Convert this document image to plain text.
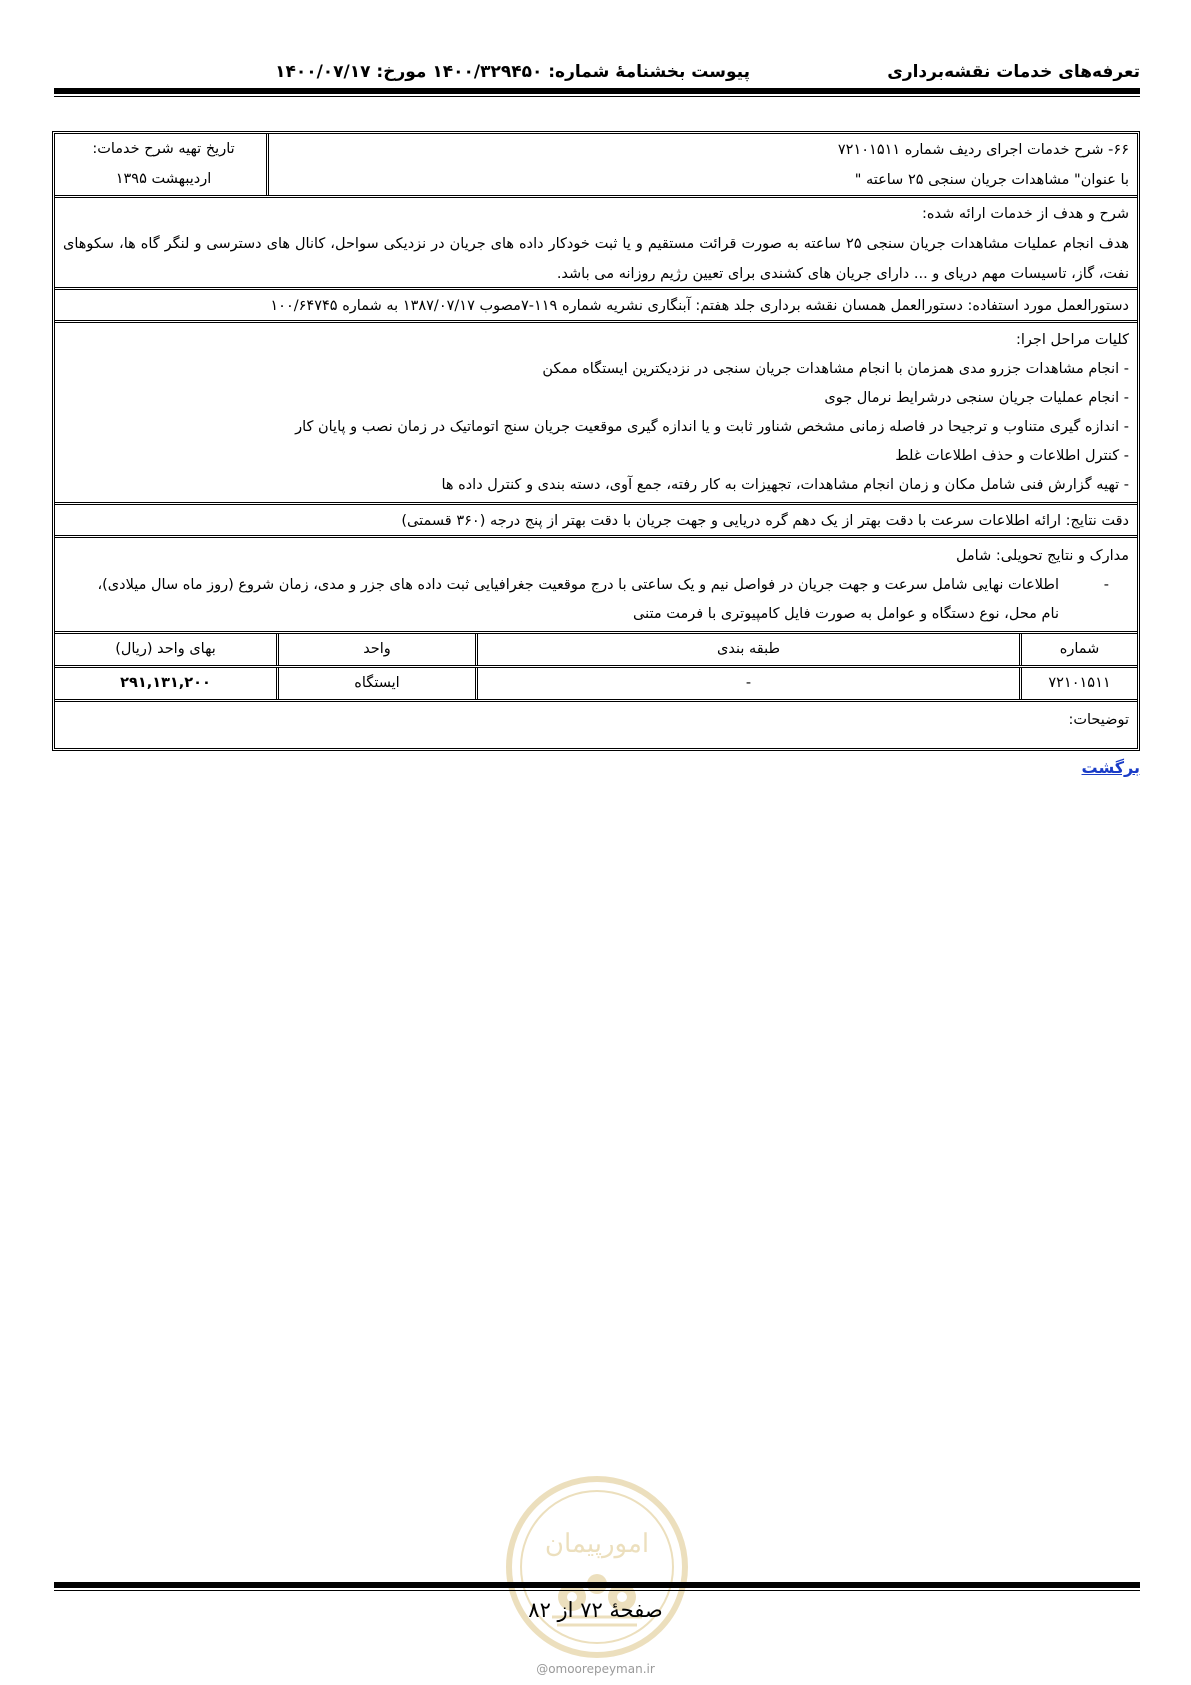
تعرفه‌های خدمات نقشه‌برداری
پیوست بخشنامهٔ شماره: ۱۴۰۰/۳۲۹۴۵۰ مورخ: ۱۴۰۰/۰۷/۱۷
۶۶- شرح خدمات اجرای ردیف شماره ۷۲۱۰۱۵۱۱
با عنوان" مشاهدات جریان سنجی ۲۵ ساعته "
تاریخ تهیه شرح خدمات:
اردیبهشت ۱۳۹۵
شرح و هدف از خدمات ارائه شده:
هدف انجام عملیات مشاهدات جریان سنجی ۲۵ ساعته به صورت قرائت مستقیم و یا ثبت خودکار داده های جریان در نزدیکی سواحل، کانال های دسترسی و لنگر گاه ها، سکوهای نفت، گاز، تاسیسات مهم دریای و ... دارای جریان های کشندی برای تعیین رژیم روزانه می باشد.
دستورالعمل مورد استفاده: دستورالعمل همسان نقشه برداری جلد هفتم: آبنگاری نشریه شماره ۱۱۹-۷مصوب ۱۳۸۷/۰۷/۱۷ به شماره ۱۰۰/۶۴۷۴۵
کلیات مراحل اجرا:
- انجام مشاهدات جزرو مدی همزمان با انجام مشاهدات جریان سنجی در نزدیکترین ایستگاه ممکن
- انجام عملیات جریان سنجی درشرایط نرمال جوی
- اندازه گیری متناوب و ترجیحا در فاصله زمانی مشخص شناور ثابت و یا اندازه گیری موقعیت جریان سنج اتوماتیک در زمان نصب و پایان کار
- کنترل اطلاعات و حذف اطلاعات غلط
- تهیه گزارش فنی شامل مکان و زمان انجام مشاهدات، تجهیزات به کار رفته، جمع آوی، دسته بندی و کنترل داده ها
دقت نتایج: ارائه اطلاعات سرعت با دقت بهتر از یک دهم گره دریایی و جهت جریان با دقت بهتر از پنج درجه (۳۶۰ قسمتی)
مدارک و نتایج تحویلی: شامل
-
اطلاعات نهایی شامل سرعت و جهت جریان در فواصل نیم و یک ساعتی با درج موقعیت جغرافیایی ثبت داده های جزر و مدی، زمان شروع (روز ماه سال میلادی)،
نام محل، نوع دستگاه و عوامل به صورت فایل کامپیوتری با فرمت متنی
شماره
طبقه بندی
واحد
بهای واحد (ریال)
۷۲۱۰۱۵۱۱
-
ایستگاه
۲۹۱,۱۳۱,۲۰۰
توضیحات:
برگشت
امورپیمان
صفحهٔ ۷۲ از ۸۲
@omoorepeyman.ir
